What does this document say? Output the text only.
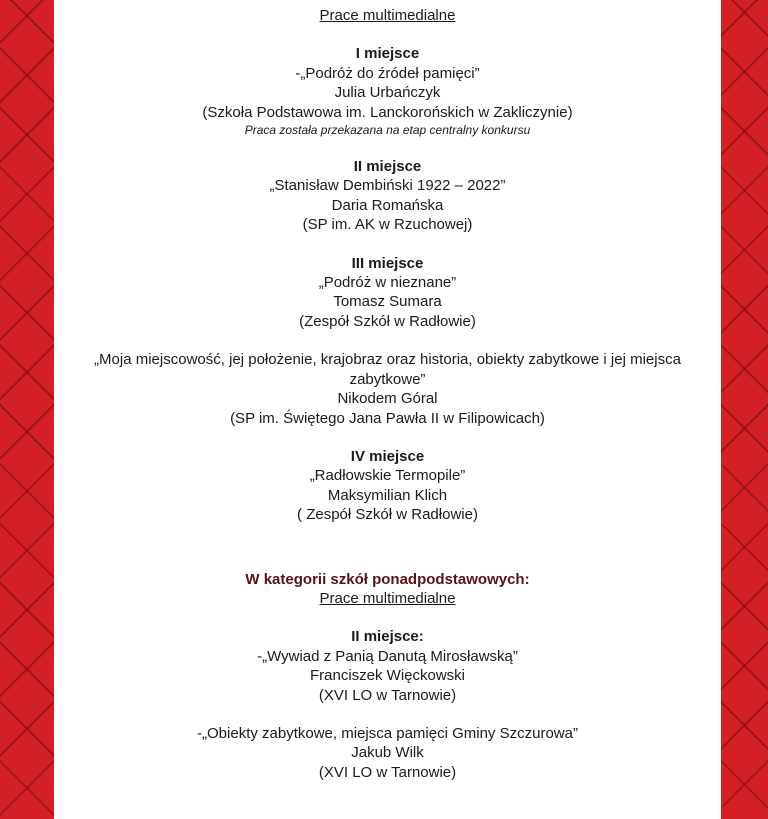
Prace multimedialne
I miejsce
-„Podróż do źródeł pamięci”
Julia Urbańczyk
(Szkoła Podstawowa im. Lanckorońskich w Zakliczynie)
Praca została przekazana na etap centralny konkursu
II miejsce
„Stanisław Dembiński 1922 – 2022”
Daria Romańska
(SP im. AK w Rzuchowej)
III miejsce
„Podróż w nieznane”
Tomasz Sumara
(Zespół Szkół w Radłowie)
„Moja miejscowość, jej położenie, krajobraz oraz historia, obiekty zabytkowe i jej miejsca zabytkowe”
Nikodem Góral
(SP im. Świętego Jana Pawła II w Filipowicach)
IV miejsce
„Radłowskie Termopile”
Maksymilian Klich
( Zespół Szkół w Radłowie)
W kategorii szkół ponadpodstawowych:
Prace multimedialne
II miejsce:
-„Wywiad z Panią Danutą Mirosławską”
Franciszek Więckowski
(XVI LO w Tarnowie)
-„Obiekty zabytkowe, miejsca pamięci Gminy Szczurowa”
Jakub Wilk
(XVI LO w Tarnowie)
